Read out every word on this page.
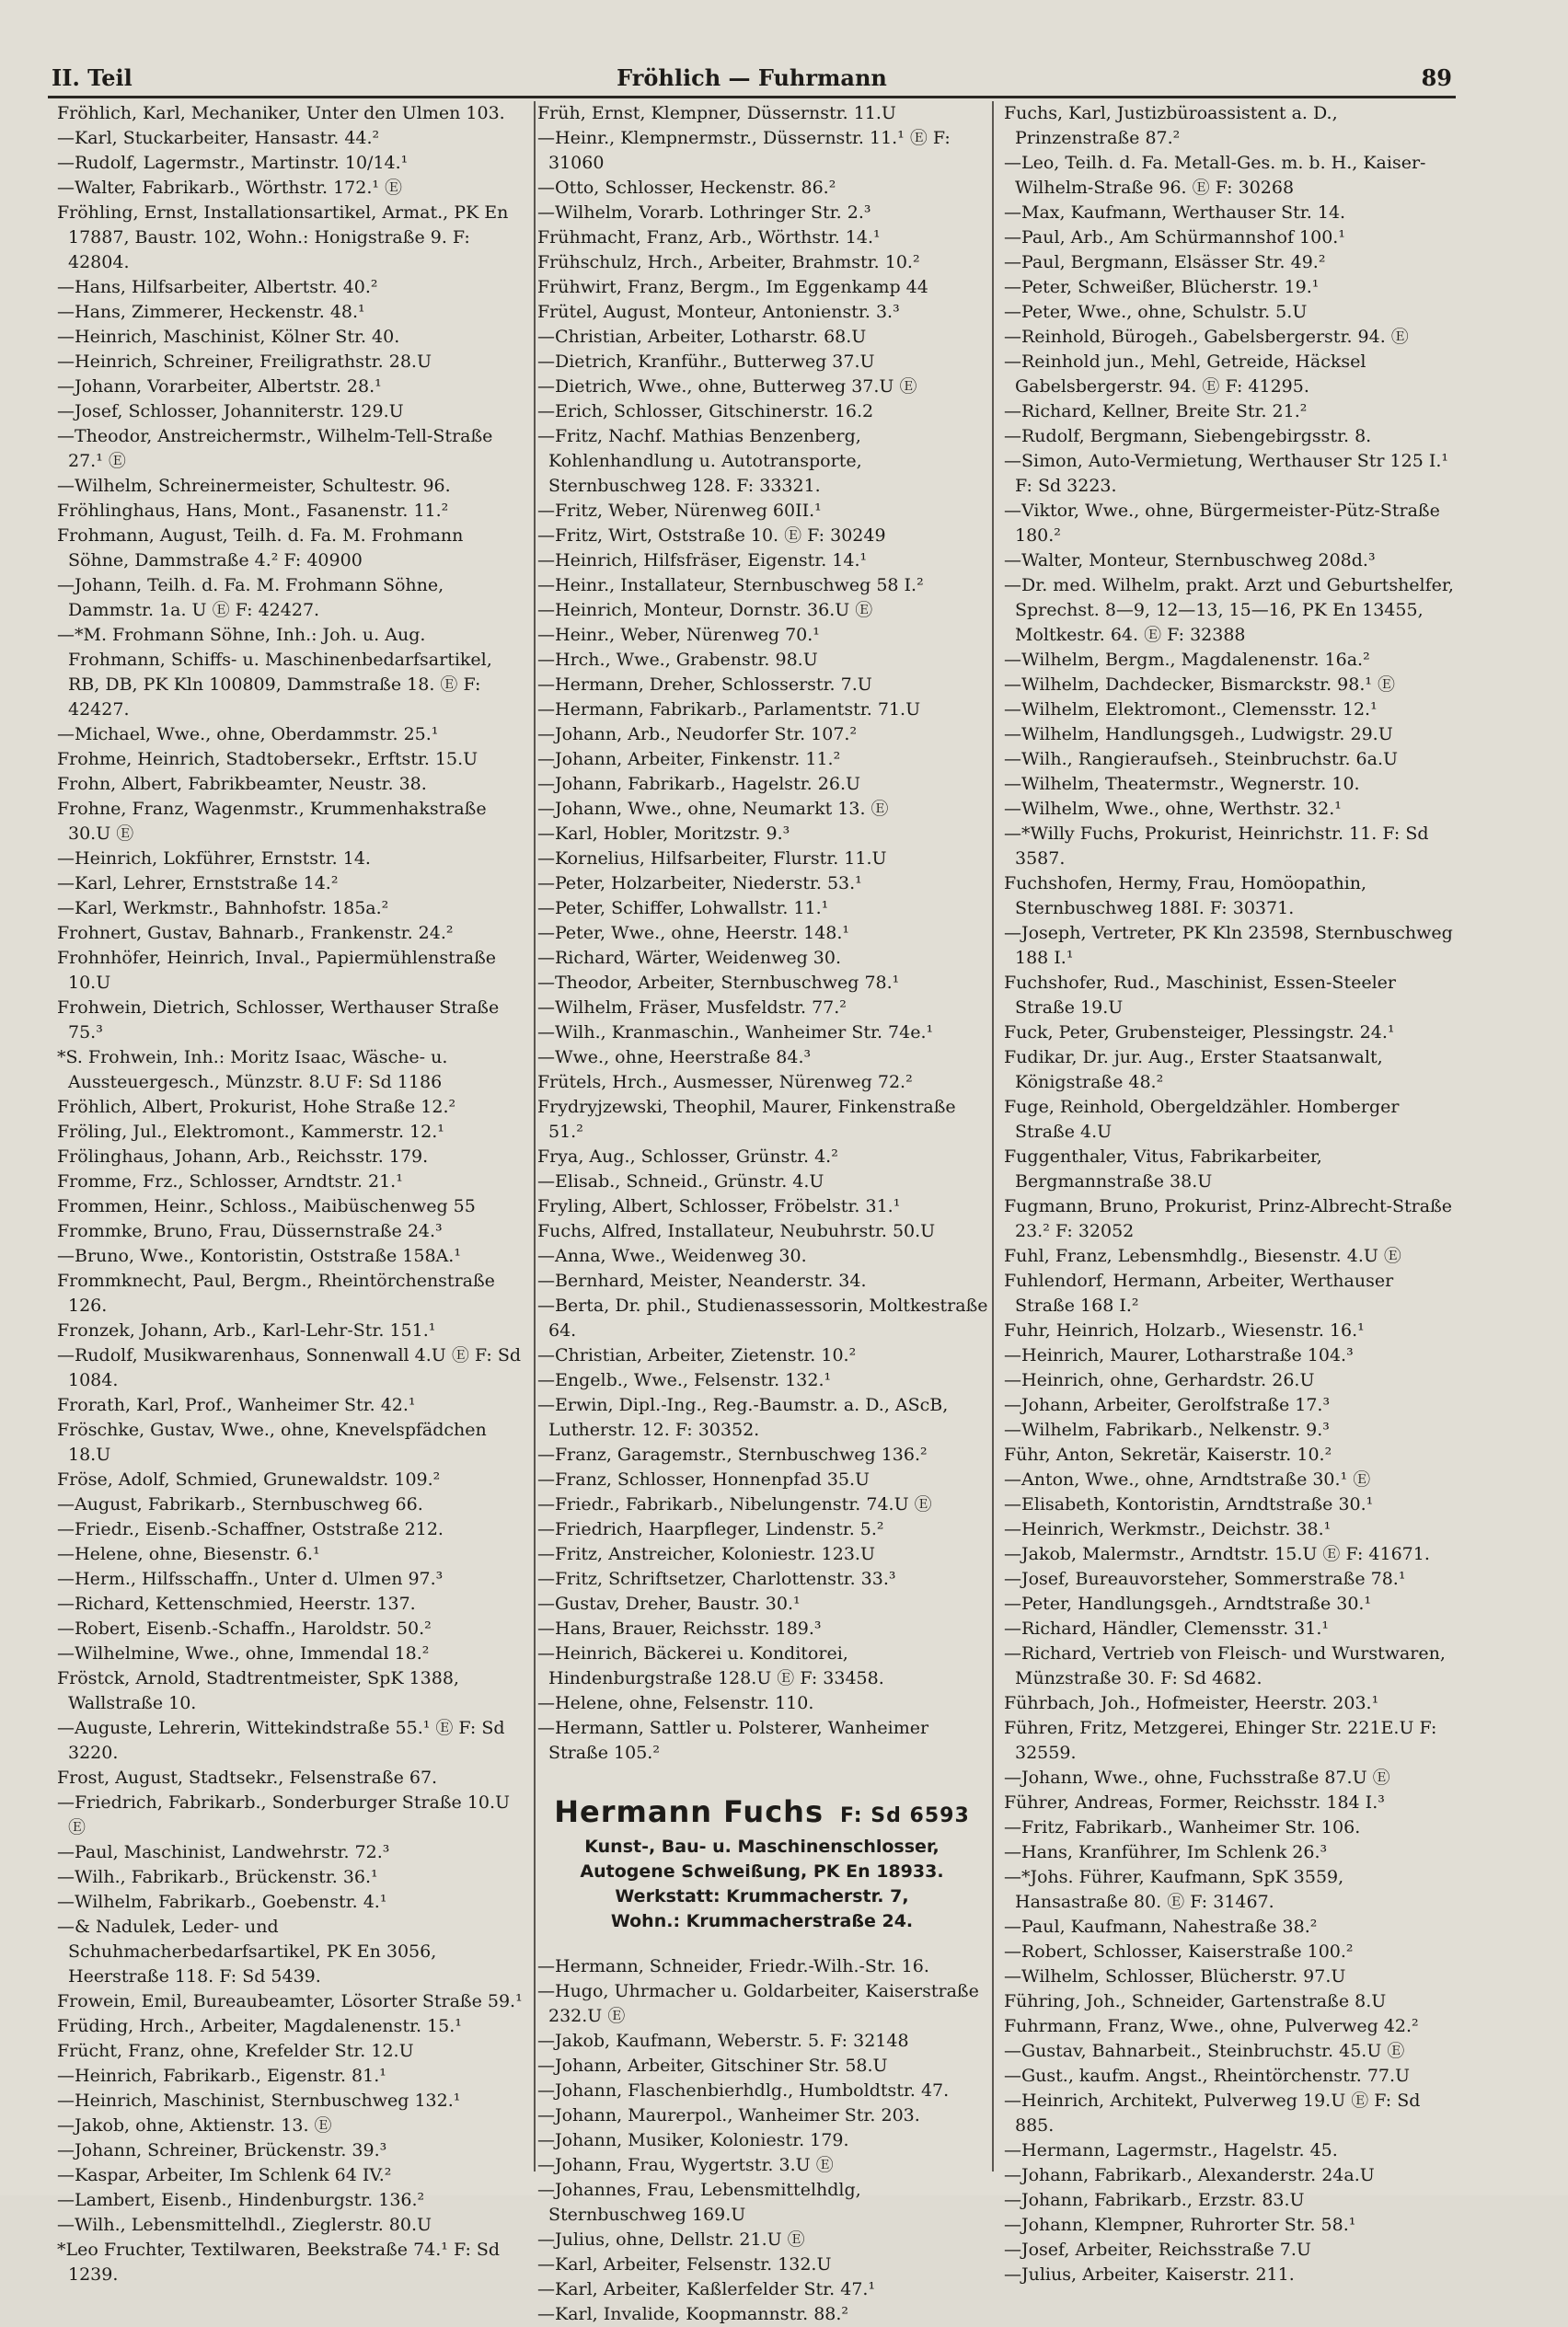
II. Teil	Fröhlich — Fuhrmann	89
Fröhlich, Karl, Mechaniker, Unter den Ulmen 103.
—Karl, Stuckarbeiter, Hansastr. 44.²
—Rudolf, Lagermstr., Martinstr. 10/14.¹
—Walter, Fabrikarb., Wörthstr. 172.¹ Ⓔ
Fröhling, Ernst, Installationsartikel, Armat., PK En 17887, Baustr. 102, Wohn.: Honigstraße 9. F: 42804.
—Hans, Hilfsarbeiter, Albertstr. 40.²
—Hans, Zimmerer, Heckenstr. 48.¹
—Heinrich, Maschinist, Kölner Str. 40.
—Heinrich, Schreiner, Freiligrathstr. 28.U
—Johann, Vorarbeiter, Albertstr. 28.¹
—Josef, Schlosser, Johanniterstr. 129.U
—Theodor, Anstreichermstr., Wilhelm-Tell-Straße 27.¹ Ⓔ
—Wilhelm, Schreinermeister, Schultestr. 96.
Fröhlinghaus, Hans, Mont., Fasanenstr. 11.²
Frohmann, August, Teilh. d. Fa. M. Frohmann Söhne, Dammstraße 4.² F: 40900
—Johann, Teilh. d. Fa. M. Frohmann Söhne, Dammstr. 1a. U Ⓔ F: 42427.
—*M. Frohmann Söhne, Inh.: Joh. u. Aug. Frohmann, Schiffs- u. Maschinenbedarfsartikel, RB, DB, PK Kln 100809, Dammstraße 18. Ⓔ F: 42427.
—Michael, Wwe., ohne, Oberdammstr. 25.¹
Frohme, Heinrich, Stadtobersekr., Erftstr. 15.U
Frohn, Albert, Fabrikbeamter, Neustr. 38.
Frohne, Franz, Wagenmstr., Krummenhakstraße 30.U Ⓔ
—Heinrich, Lokführer, Ernststr. 14.
—Karl, Lehrer, Ernststraße 14.²
—Karl, Werkmstr., Bahnhofstr. 185a.²
Frohnert, Gustav, Bahnarb., Frankenstr. 24.²
Frohnhöfer, Heinrich, Inval., Papiermühlenstraße 10.U
Frohwein, Dietrich, Schlosser, Werthauser Straße 75.³
*S. Frohwein, Inh.: Moritz Isaac, Wäsche- u. Aussteuergesch., Münzstr. 8.U F: Sd 1186
Fröhlich, Albert, Prokurist, Hohe Straße 12.²
Fröling, Jul., Elektromont., Kammerstr. 12.¹
Frölinghaus, Johann, Arb., Reichsstr. 179.
Fromme, Frz., Schlosser, Arndtstr. 21.¹
Frommen, Heinr., Schloss., Maibüschenweg 55
Frommke, Bruno, Frau, Düssernstraße 24.³
—Bruno, Wwe., Kontoristin, Oststraße 158A.¹
Frommknecht, Paul, Bergm., Rheintörchenstraße 126.
Fronzek, Johann, Arb., Karl-Lehr-Str. 151.¹
—Rudolf, Musikwarenhaus, Sonnenwall 4.U Ⓔ F: Sd 1084.
Frorath, Karl, Prof., Wanheimer Str. 42.¹
Fröschke, Gustav, Wwe., ohne, Knevelspfädchen 18.U
Fröse, Adolf, Schmied, Grunewaldstr. 109.²
—August, Fabrikarb., Sternbuschweg 66.
—Friedr., Eisenb.-Schaffner, Oststraße 212.
—Helene, ohne, Biesenstr. 6.¹
—Herm., Hilfsschaffn., Unter d. Ulmen 97.³
—Richard, Kettenschmied, Heerstr. 137.
—Robert, Eisenb.-Schaffn., Haroldstr. 50.²
—Wilhelmine, Wwe., ohne, Immendal 18.²
Fröstck, Arnold, Stadtrentmeister, SpK 1388, Wallstraße 10.
—Auguste, Lehrerin, Wittekindstraße 55.¹ Ⓔ F: Sd 3220.
Frost, August, Stadtsekr., Felsenstraße 67.
—Friedrich, Fabrikarb., Sonderburger Straße 10.U Ⓔ
—Paul, Maschinist, Landwehrstr. 72.³
—Wilh., Fabrikarb., Brückenstr. 36.¹
—Wilhelm, Fabrikarb., Goebenstr. 4.¹
—& Nadulek, Leder- und Schuhmacherbedarfsartikel, PK En 3056, Heerstraße 118. F: Sd 5439.
Frowein, Emil, Bureaubeamter, Lösorter Straße 59.¹
Früding, Hrch., Arbeiter, Magdalenenstr. 15.¹
Frücht, Franz, ohne, Krefelder Str. 12.U
—Heinrich, Fabrikarb., Eigenstr. 81.¹
—Heinrich, Maschinist, Sternbuschweg 132.¹
—Jakob, ohne, Aktienstr. 13. Ⓔ
—Johann, Schreiner, Brückenstr. 39.³
—Kaspar, Arbeiter, Im Schlenk 64 IV.²
—Lambert, Eisenb., Hindenburgstr. 136.²
—Wilh., Lebensmittelhdl., Zieglerstr. 80.U
*Leo Fruchter, Textilwaren, Beekstraße 74.¹ F: Sd 1239.
Früh, Ernst, Klempner, Düssernstr. 11.U
—Heinr., Klempnermstr., Düssernstr. 11.¹ Ⓔ F: 31060
—Otto, Schlosser, Heckenstr. 86.²
—Wilhelm, Vorarb. Lothringer Str. 2.³
Frühmacht, Franz, Arb., Wörthstr. 14.¹
Frühschulz, Hrch., Arbeiter, Brahmstr. 10.²
Frühwirt, Franz, Bergm., Im Eggenkamp 44
Frütel, August, Monteur, Antonienstr. 3.³
—Christian, Arbeiter, Lotharstr. 68.U
—Dietrich, Kranführ., Butterweg 37.U
—Dietrich, Wwe., ohne, Butterweg 37.U Ⓔ
—Erich, Schlosser, Gitschinerstr. 16.2
—Fritz, Nachf. Mathias Benzenberg, Kohlenhandlung u. Autotransporte, Sternbuschweg 128. F: 33321.
—Fritz, Weber, Nürenweg 60II.¹
—Fritz, Wirt, Oststraße 10. Ⓔ F: 30249
—Heinrich, Hilfsfräser, Eigenstr. 14.¹
—Heinr., Installateur, Sternbuschweg 58 I.²
—Heinrich, Monteur, Dornstr. 36.U Ⓔ
—Heinr., Weber, Nürenweg 70.¹
—Hrch., Wwe., Grabenstr. 98.U
—Hermann, Dreher, Schlosserstr. 7.U
—Hermann, Fabrikarb., Parlamentstr. 71.U
—Johann, Arb., Neudorfer Str. 107.²
—Johann, Arbeiter, Finkenstr. 11.²
—Johann, Fabrikarb., Hagelstr. 26.U
—Johann, Wwe., ohne, Neumarkt 13. Ⓔ
—Karl, Hobler, Moritzstr. 9.³
—Kornelius, Hilfsarbeiter, Flurstr. 11.U
—Peter, Holzarbeiter, Niederstr. 53.¹
—Peter, Schiffer, Lohwallstr. 11.¹
—Peter, Wwe., ohne, Heerstr. 148.¹
—Richard, Wärter, Weidenweg 30.
—Theodor, Arbeiter, Sternbuschweg 78.¹
—Wilhelm, Fräser, Musfeldstr. 77.²
—Wilh., Kranmaschin., Wanheimer Str. 74e.¹
—Wwe., ohne, Heerstraße 84.³
Frütels, Hrch., Ausmesser, Nürenweg 72.²
Frydryjzewski, Theophil, Maurer, Finkenstraße 51.²
Frya, Aug., Schlosser, Grünstr. 4.²
—Elisab., Schneid., Grünstr. 4.U
Fryling, Albert, Schlosser, Fröbelstr. 31.¹
Fuchs, Alfred, Installateur, Neubuhrstr. 50.U
—Anna, Wwe., Weidenweg 30.
—Bernhard, Meister, Neanderstr. 34.
—Berta, Dr. phil., Studienassessorin, Moltkestraße 64.
—Christian, Arbeiter, Zietenstr. 10.²
—Engelb., Wwe., Felsenstr. 132.¹
—Erwin, Dipl.-Ing., Reg.-Baumstr. a. D., AScB, Lutherstr. 12. F: 30352.
—Franz, Garagemstr., Sternbuschweg 136.²
—Franz, Schlosser, Honnenpfad 35.U
—Friedr., Fabrikarb., Nibelungenstr. 74.U Ⓔ
—Friedrich, Haarpfleger, Lindenstr. 5.²
—Fritz, Anstreicher, Koloniestr. 123.U
—Fritz, Schriftsetzer, Charlottenstr. 33.³
—Gustav, Dreher, Baustr. 30.¹
—Hans, Brauer, Reichsstr. 189.³
—Heinrich, Bäckerei u. Konditorei, Hindenburgstraße 128.U Ⓔ F: 33458.
—Helene, ohne, Felsenstr. 110.
—Hermann, Sattler u. Polsterer, Wanheimer Straße 105.²
Hermann Fuchs F: Sd 6593
Kunst-, Bau- u. Maschinenschlosser,
Autogene Schweißung, PK En 18933.
Werkstatt: Krummacherstr. 7,
Wohn.: Krummacherstraße 24.
—Hermann, Schneider, Friedr.-Wilh.-Str. 16.
—Hugo, Uhrmacher u. Goldarbeiter, Kaiserstraße 232.U Ⓔ
—Jakob, Kaufmann, Weberstr. 5. F: 32148
—Johann, Arbeiter, Gitschiner Str. 58.U
—Johann, Flaschenbierhdlg., Humboldtstr. 47.
—Johann, Maurerpol., Wanheimer Str. 203.
—Johann, Musiker, Koloniestr. 179.
—Johann, Frau, Wygertstr. 3.U Ⓔ
—Johannes, Frau, Lebensmittelhdlg, Sternbuschweg 169.U
—Julius, ohne, Dellstr. 21.U Ⓔ
—Karl, Arbeiter, Felsenstr. 132.U
—Karl, Arbeiter, Kaßlerfelder Str. 47.¹
—Karl, Invalide, Koopmannstr. 88.²
Fuchs, Karl, Justizbüroassistent a. D., Prinzenstraße 87.²
—Leo, Teilh. d. Fa. Metall-Ges. m. b. H., Kaiser-Wilhelm-Straße 96. Ⓔ F: 30268
—Max, Kaufmann, Werthauser Str. 14.
—Paul, Arb., Am Schürmannshof 100.¹
—Paul, Bergmann, Elsässer Str. 49.²
—Peter, Schweißer, Blücherstr. 19.¹
—Peter, Wwe., ohne, Schulstr. 5.U
—Reinhold, Bürogeh., Gabelsbergerstr. 94. Ⓔ
—Reinhold jun., Mehl, Getreide, Häcksel Gabelsbergerstr. 94. Ⓔ F: 41295.
—Richard, Kellner, Breite Str. 21.²
—Rudolf, Bergmann, Siebengebirgsstr. 8.
—Simon, Auto-Vermietung, Werthauser Str 125 I.¹ F: Sd 3223.
—Viktor, Wwe., ohne, Bürgermeister-Pütz-Straße 180.²
—Walter, Monteur, Sternbuschweg 208d.³
—Dr. med. Wilhelm, prakt. Arzt und Geburtshelfer, Sprechst. 8—9, 12—13, 15—16, PK En 13455, Moltkestr. 64. Ⓔ F: 32388
—Wilhelm, Bergm., Magdalenenstr. 16a.²
—Wilhelm, Dachdecker, Bismarckstr. 98.¹ Ⓔ
—Wilhelm, Elektromont., Clemensstr. 12.¹
—Wilhelm, Handlungsgeh., Ludwigstr. 29.U
—Wilh., Rangieraufseh., Steinbruchstr. 6a.U
—Wilhelm, Theatermstr., Wegnerstr. 10.
—Wilhelm, Wwe., ohne, Werthstr. 32.¹
—*Willy Fuchs, Prokurist, Heinrichstr. 11. F: Sd 3587.
Fuchshofen, Hermy, Frau, Homöopathin, Sternbuschweg 188I. F: 30371.
—Joseph, Vertreter, PK Kln 23598, Sternbuschweg 188 I.¹
Fuchshofer, Rud., Maschinist, Essen-Steeler Straße 19.U
Fuck, Peter, Grubensteiger, Plessingstr. 24.¹
Fudikar, Dr. jur. Aug., Erster Staatsanwalt, Königstraße 48.²
Fuge, Reinhold, Obergeldzähler. Homberger Straße 4.U
Fuggenthaler, Vitus, Fabrikarbeiter, Bergmannstraße 38.U
Fugmann, Bruno, Prokurist, Prinz-Albrecht-Straße 23.² F: 32052
Fuhl, Franz, Lebensmhdlg., Biesenstr. 4.U Ⓔ
Fuhlendorf, Hermann, Arbeiter, Werthauser Straße 168 I.²
Fuhr, Heinrich, Holzarb., Wiesenstr. 16.¹
—Heinrich, Maurer, Lotharstraße 104.³
—Heinrich, ohne, Gerhardstr. 26.U
—Johann, Arbeiter, Gerolfstraße 17.³
—Wilhelm, Fabrikarb., Nelkenstr. 9.³
Führ, Anton, Sekretär, Kaiserstr. 10.²
—Anton, Wwe., ohne, Arndtstraße 30.¹ Ⓔ
—Elisabeth, Kontoristin, Arndtstraße 30.¹
—Heinrich, Werkmstr., Deichstr. 38.¹
—Jakob, Malermstr., Arndtstr. 15.U Ⓔ F: 41671.
—Josef, Bureauvorsteher, Sommerstraße 78.¹
—Peter, Handlungsgeh., Arndtstraße 30.¹
—Richard, Händler, Clemensstr. 31.¹
—Richard, Vertrieb von Fleisch- und Wurstwaren, Münzstraße 30. F: Sd 4682.
Führbach, Joh., Hofmeister, Heerstr. 203.¹
Führen, Fritz, Metzgerei, Ehinger Str. 221E.U F: 32559.
—Johann, Wwe., ohne, Fuchsstraße 87.U Ⓔ
Führer, Andreas, Former, Reichsstr. 184 I.³
—Fritz, Fabrikarb., Wanheimer Str. 106.
—Hans, Kranführer, Im Schlenk 26.³
—*Johs. Führer, Kaufmann, SpK 3559, Hansastraße 80. Ⓔ F: 31467.
—Paul, Kaufmann, Nahestraße 38.²
—Robert, Schlosser, Kaiserstraße 100.²
—Wilhelm, Schlosser, Blücherstr. 97.U
Führing, Joh., Schneider, Gartenstraße 8.U
Fuhrmann, Franz, Wwe., ohne, Pulverweg 42.²
—Gustav, Bahnarbeit., Steinbruchstr. 45.U Ⓔ
—Gust., kaufm. Angst., Rheintörchenstr. 77.U
—Heinrich, Architekt, Pulverweg 19.U Ⓔ F: Sd 885.
—Hermann, Lagermstr., Hagelstr. 45.
—Johann, Fabrikarb., Alexanderstr. 24a.U
—Johann, Fabrikarb., Erzstr. 83.U
—Johann, Klempner, Ruhrorter Str. 58.¹
—Josef, Arbeiter, Reichsstraße 7.U
—Julius, Arbeiter, Kaiserstr. 211.
